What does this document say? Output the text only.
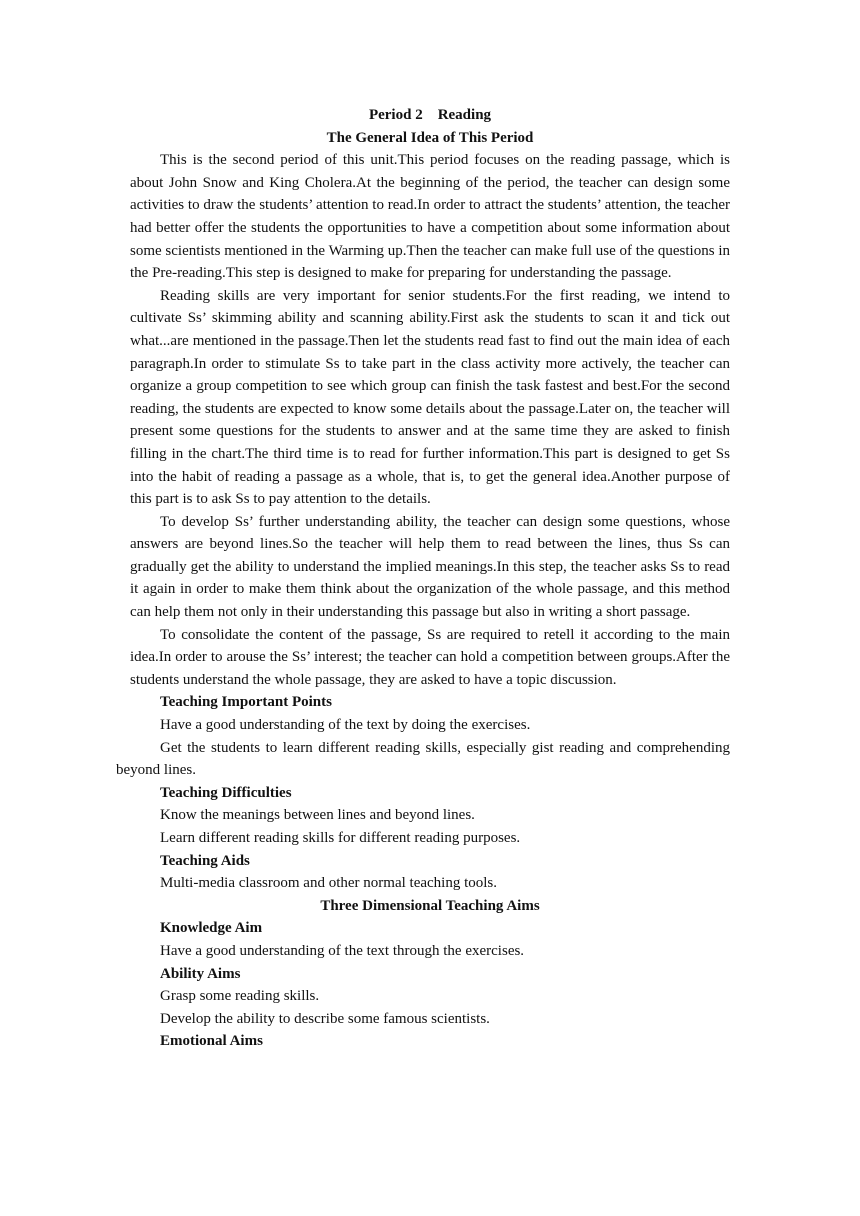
Period 2    Reading

The General Idea of This Period

This is the second period of this unit.This period focuses on the reading passage, which is about John Snow and King Cholera.At the beginning of the period, the teacher can design some activities to draw the students’ attention to read.In order to attract the students’ attention, the teacher had better offer the students the opportunities to have a competition about some information about some scientists mentioned in the Warming up.Then the teacher can make full use of the questions in the Pre-reading.This step is designed to make for preparing for understanding the passage.

Reading skills are very important for senior students.For the first reading, we intend to cultivate Ss’ skimming ability and scanning ability.First ask the students to scan it and tick out what...are mentioned in the passage.Then let the students read fast to find out the main idea of each paragraph.In order to stimulate Ss to take part in the class activity more actively, the teacher can organize a group competition to see which group can finish the task fastest and best.For the second reading, the students are expected to know some details about the passage.Later on, the teacher will present some questions for the students to answer and at the same time they are asked to finish filling in the chart.The third time is to read for further information.This part is designed to get Ss into the habit of reading a passage as a whole, that is, to get the general idea.Another purpose of this part is to ask Ss to pay attention to the details.

To develop Ss’ further understanding ability, the teacher can design some questions, whose answers are beyond lines.So the teacher will help them to read between the lines, thus Ss can gradually get the ability to understand the implied meanings.In this step, the teacher asks Ss to read it again in order to make them think about the organization of the whole passage, and this method can help them not only in their understanding this passage but also in writing a short passage.

To consolidate the content of the passage, Ss are required to retell it according to the main idea.In order to arouse the Ss’ interest; the teacher can hold a competition between groups.After the students understand the whole passage, they are asked to have a topic discussion.

Teaching Important Points

Have a good understanding of the text by doing the exercises.

Get the students to learn different reading skills, especially gist reading and comprehending beyond lines.

Teaching Difficulties

Know the meanings between lines and beyond lines.

Learn different reading skills for different reading purposes.

Teaching Aids

Multi-media classroom and other normal teaching tools.

Three Dimensional Teaching Aims

Knowledge Aim

Have a good understanding of the text through the exercises.

Ability Aims

Grasp some reading skills.

Develop the ability to describe some famous scientists.

Emotional Aims
